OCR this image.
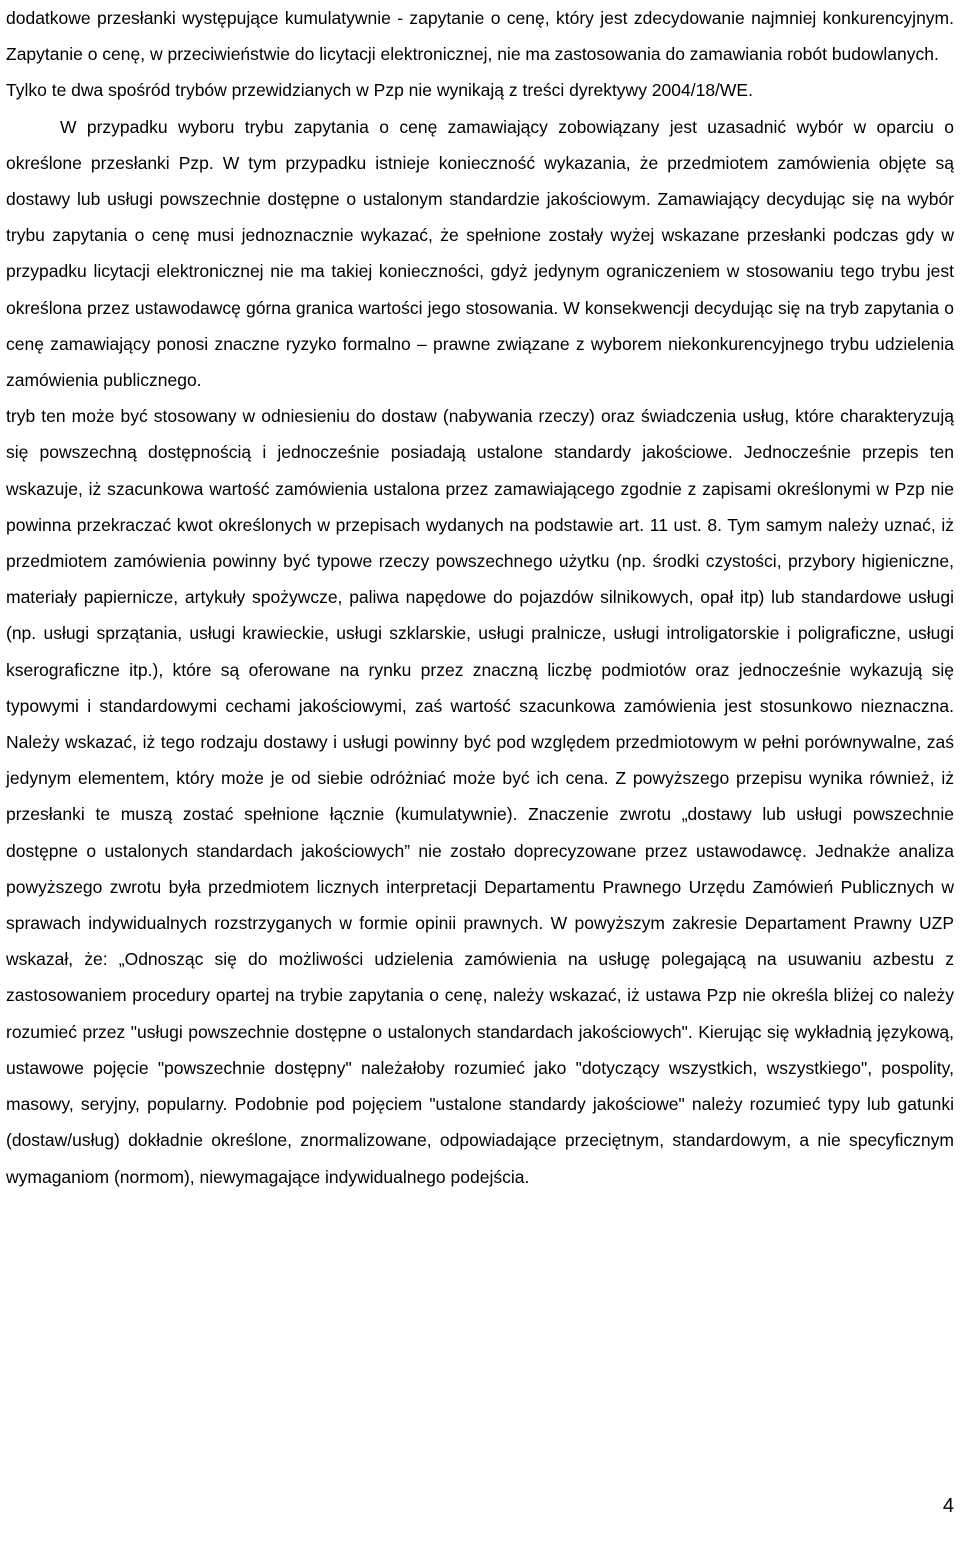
dodatkowe przesłanki występujące kumulatywnie - zapytanie o cenę, który jest zdecydowanie najmniej konkurencyjnym. Zapytanie o cenę, w przeciwieństwie do licytacji elektronicznej, nie ma zastosowania do zamawiania robót budowlanych.

Tylko te dwa spośród trybów przewidzianych w Pzp nie wynikają z treści dyrektywy 2004/18/WE.

W przypadku wyboru trybu zapytania o cenę zamawiający zobowiązany jest uzasadnić wybór w oparciu o określone przesłanki Pzp. W tym przypadku istnieje konieczność wykazania, że przedmiotem zamówienia objęte są dostawy lub usługi powszechnie dostępne o ustalonym standardzie jakościowym. Zamawiający decydując się na wybór trybu zapytania o cenę musi jednoznacznie wykazać, że spełnione zostały wyżej wskazane przesłanki podczas gdy w przypadku licytacji elektronicznej nie ma takiej konieczności, gdyż jedynym ograniczeniem w stosowaniu tego trybu jest określona przez ustawodawcę górna granica wartości jego stosowania. W konsekwencji decydując się na tryb zapytania o cenę zamawiający ponosi znaczne ryzyko formalno – prawne związane z wyborem niekonkurencyjnego trybu udzielenia zamówienia publicznego.

tryb ten może być stosowany w odniesieniu do dostaw (nabywania rzeczy) oraz świadczenia usług, które charakteryzują się powszechną dostępnością i jednocześnie posiadają ustalone standardy jakościowe. Jednocześnie przepis ten wskazuje, iż szacunkowa wartość zamówienia ustalona przez zamawiającego zgodnie z zapisami określonymi w Pzp nie powinna przekraczać kwot określonych w przepisach wydanych na podstawie art. 11 ust. 8. Tym samym należy uznać, iż przedmiotem zamówienia powinny być typowe rzeczy powszechnego użytku (np. środki czystości, przybory higieniczne, materiały papiernicze, artykuły spożywcze, paliwa napędowe do pojazdów silnikowych, opał itp) lub standardowe usługi (np. usługi sprzątania, usługi krawieckie, usługi szklarskie, usługi pralnicze, usługi introligatorskie i poligraficzne, usługi kserograficzne itp.), które są oferowane na rynku przez znaczną liczbę podmiotów oraz jednocześnie wykazują się typowymi i standardowymi cechami jakościowymi, zaś wartość szacunkowa zamówienia jest stosunkowo nieznaczna. Należy wskazać, iż tego rodzaju dostawy i usługi powinny być pod względem przedmiotowym w pełni porównywalne, zaś jedynym elementem, który może je od siebie odróżniać może być ich cena. Z powyższego przepisu wynika również, iż przesłanki te muszą zostać spełnione łącznie (kumulatywnie). Znaczenie zwrotu „dostawy lub usługi powszechnie dostępne o ustalonych standardach jakościowych” nie zostało doprecyzowane przez ustawodawcę. Jednakże analiza powyższego zwrotu była przedmiotem licznych interpretacji Departamentu Prawnego Urzędu Zamówień Publicznych w sprawach indywidualnych rozstrzyganych w formie opinii prawnych. W powyższym zakresie Departament Prawny UZP wskazał, że: „Odnosząc się do możliwości udzielenia zamówienia na usługę polegającą na usuwaniu azbestu z zastosowaniem procedury opartej na trybie zapytania o cenę, należy wskazać, iż ustawa Pzp nie określa bliżej co należy rozumieć przez "usługi powszechnie dostępne o ustalonych standardach jakościowych". Kierując się wykładnią językową, ustawowe pojęcie "powszechnie dostępny" należałoby rozumieć jako "dotyczący wszystkich, wszystkiego", pospolity, masowy, seryjny, popularny. Podobnie pod pojęciem "ustalone standardy jakościowe" należy rozumieć typy lub gatunki (dostaw/usług) dokładnie określone, znormalizowane, odpowiadające przeciętnym, standardowym, a nie specyficznym wymaganiom (normom), niewymagające indywidualnego podejścia.

4
